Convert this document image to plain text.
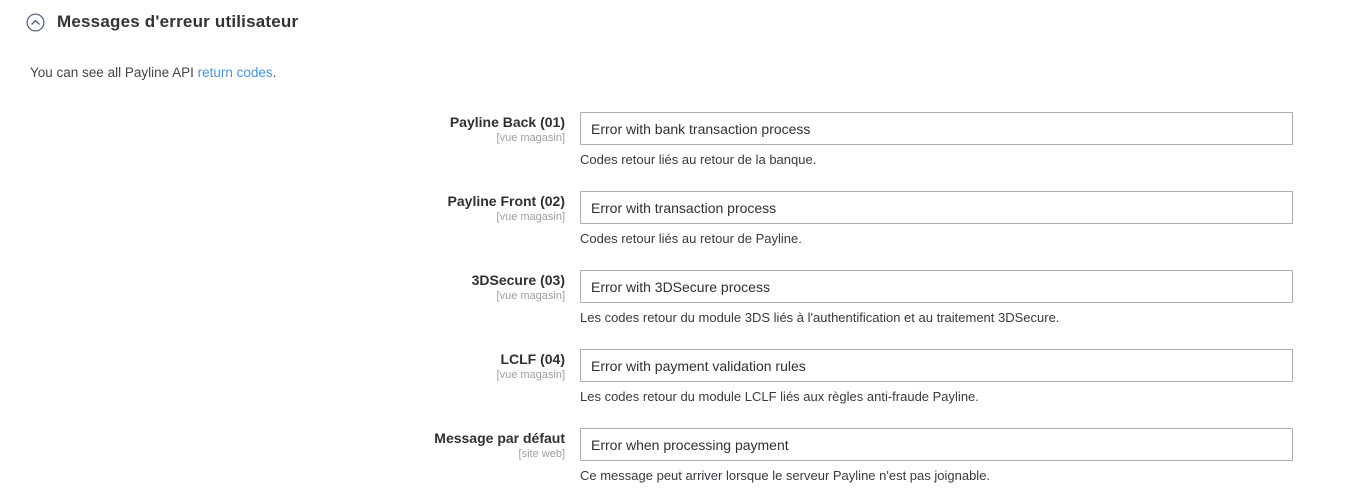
Messages d'erreur utilisateur
You can see all Payline API return codes.
Payline Back (01)
[vue magasin]
Error with bank transaction process
Codes retour liés au retour de la banque.
Payline Front (02)
[vue magasin]
Error with transaction process
Codes retour liés au retour de Payline.
3DSecure (03)
[vue magasin]
Error with 3DSecure process
Les codes retour du module 3DS liés à l'authentification et au traitement 3DSecure.
LCLF (04)
[vue magasin]
Error with payment validation rules
Les codes retour du module LCLF liés aux règles anti-fraude Payline.
Message par défaut
[site web]
Error when processing payment
Ce message peut arriver lorsque le serveur Payline n'est pas joignable.
